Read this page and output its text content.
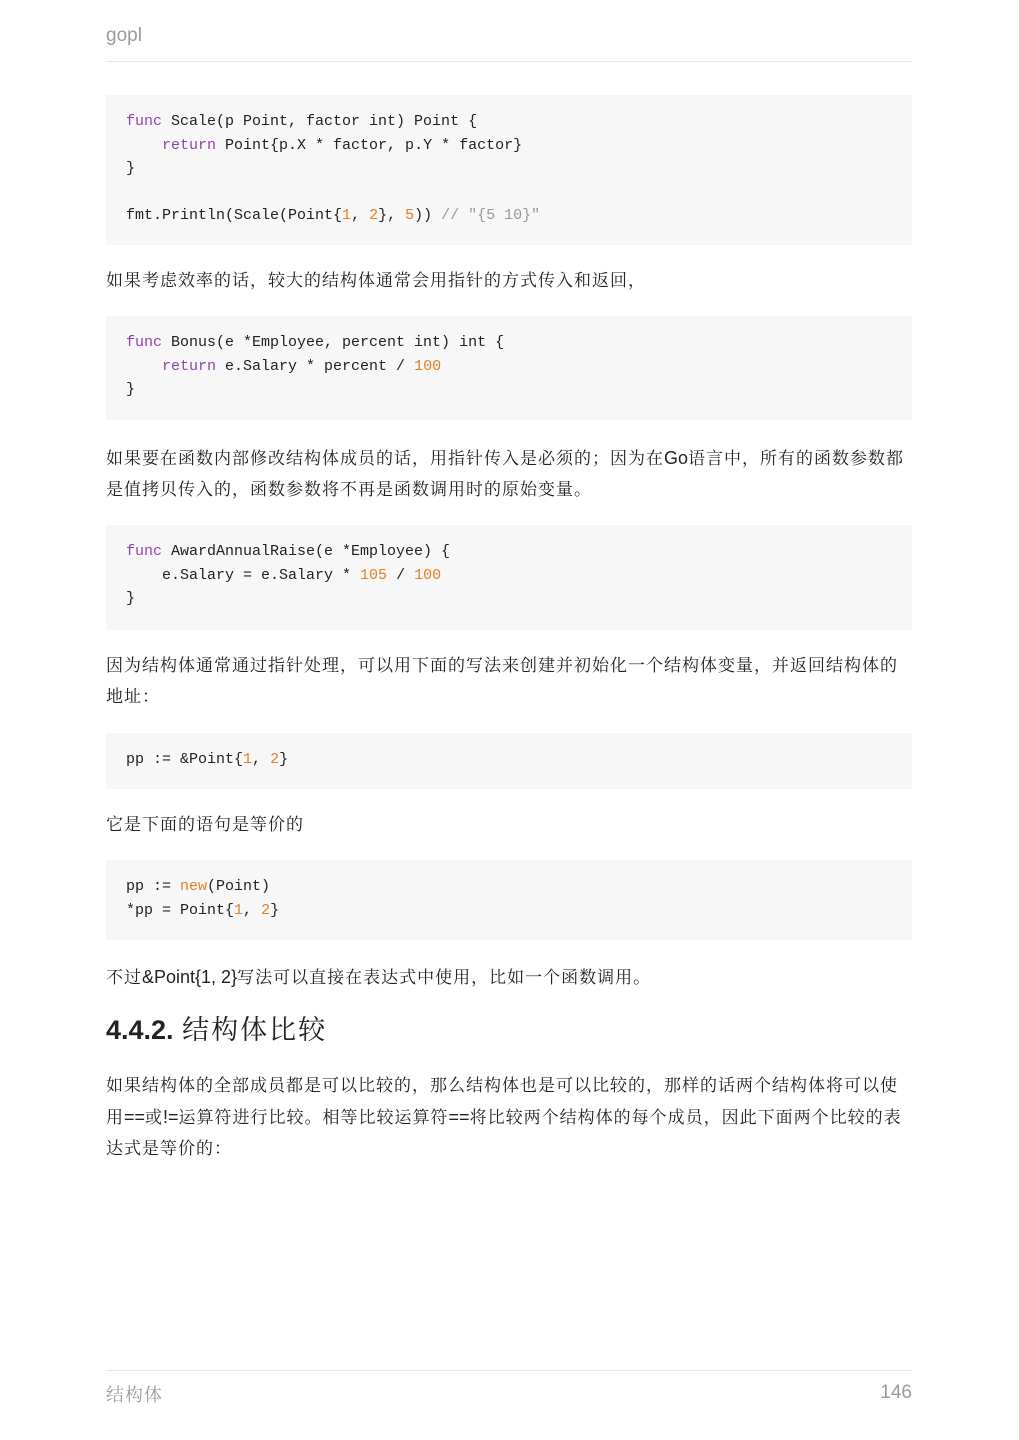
gopl
func Scale(p Point, factor int) Point {
return Point{p.X * factor, p.Y * factor}
}
fmt.Println(Scale(Point{1, 2}, 5)) // "{5 10}"

如果考虑效率的话，较大的结构体通常会用指针的方式传入和返回，

func Bonus(e *Employee, percent int) int {
return e.Salary * percent / 100
}

如果要在函数内部修改结构体成员的话，用指针传入是必须的；因为在Go语言中，所有的函数参数都是值拷贝传入的，函数参数将不再是函数调用时的原始变量。

func AwardAnnualRaise(e *Employee) {
e.Salary = e.Salary * 105 / 100
}

因为结构体通常通过指针处理，可以用下面的写法来创建并初始化一个结构体变量，并返回结构体的地址：

pp := &Point{1, 2}

它是下面的语句是等价的

pp := new(Point)
*pp = Point{1, 2}

不过&Point{1, 2}写法可以直接在表达式中使用，比如一个函数调用。

4.4.2. 结构体比较

如果结构体的全部成员都是可以比较的，那么结构体也是可以比较的，那样的话两个结构体将可以使用==或!=运算符进行比较。相等比较运算符==将比较两个结构体的每个成员，因此下面两个比较的表达式是等价的：

结构体	146
